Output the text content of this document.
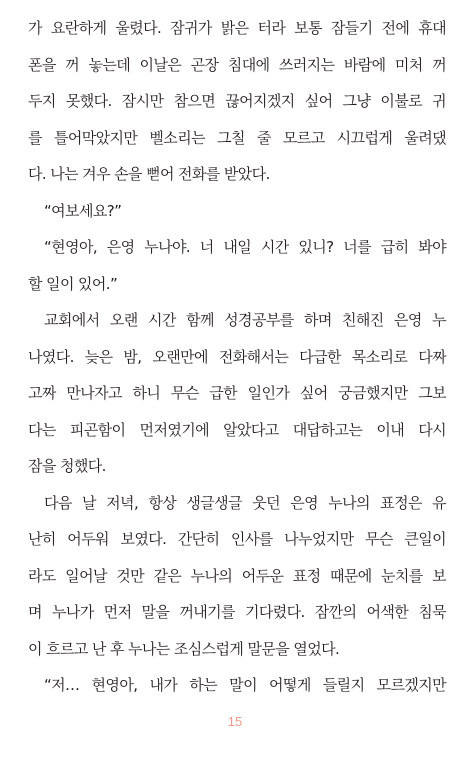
가 요란하게 울렸다. 잠귀가 밝은 터라 보통 잠들기 전에 휴대
폰을 꺼 놓는데 이날은 곤장 침대에 쓰러지는 바람에 미처 꺼
두지 못했다. 잠시만 참으면 끊어지겠지 싶어 그냥 이불로 귀
를 틀어막았지만 벨소리는 그칠 줄 모르고 시끄럽게 울려댔
다. 나는 겨우 손을 뻗어 전화를 받았다.
“여보세요?”
“현영아, 은영 누나야. 너 내일 시간 있니? 너를 급히 봐야
할 일이 있어.”
교회에서 오랜 시간 함께 성경공부를 하며 친해진 은영 누
나였다. 늦은 밤, 오랜만에 전화해서는 다급한 목소리로 다짜
고짜 만나자고 하니 무슨 급한 일인가 싶어 궁금했지만 그보
다는 피곤함이 먼저였기에 알았다고 대답하고는 이내 다시
잠을 청했다.
다음 날 저녁, 항상 생글생글 웃던 은영 누나의 표정은 유
난히 어두워 보였다. 간단히 인사를 나누었지만 무슨 큰일이
라도 일어날 것만 같은 누나의 어두운 표정 때문에 눈치를 보
며 누나가 먼저 말을 꺼내기를 기다렸다. 잠깐의 어색한 침묵
이 흐르고 난 후 누나는 조심스럽게 말문을 열었다.
“저… 현영아, 내가 하는 말이 어떻게 들릴지 모르겠지만
15
